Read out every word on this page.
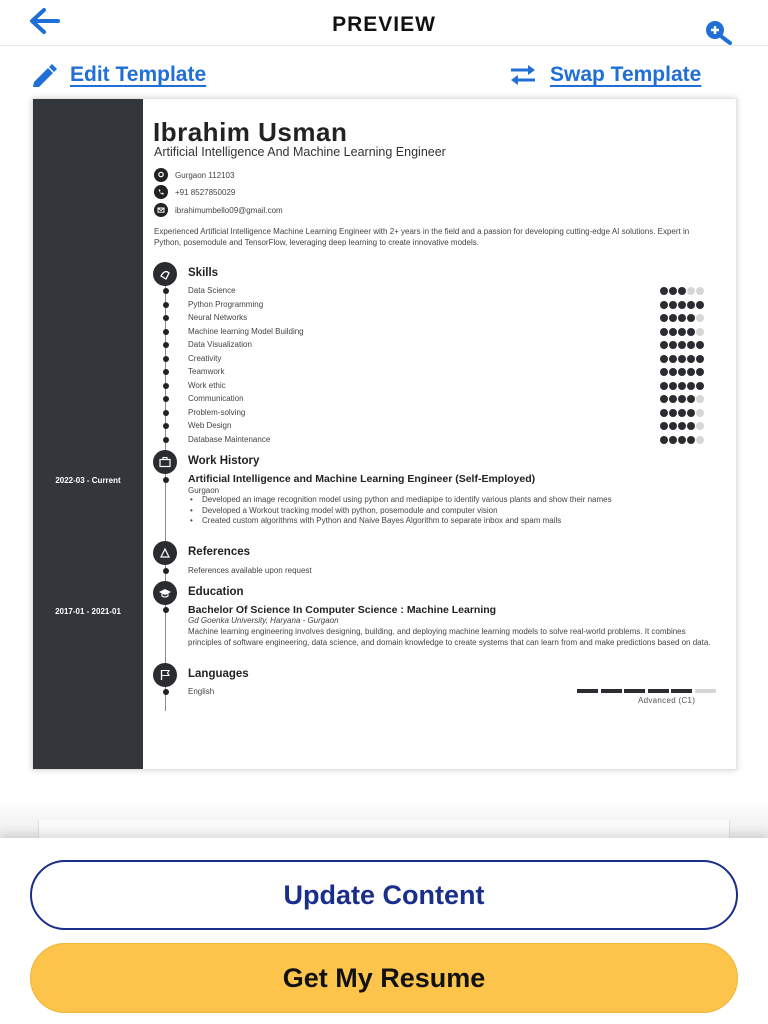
PREVIEW
Edit Template	Swap Template
2022-03 - Current
2017-01 - 2021-01
Ibrahim Usman
Artificial Intelligence And Machine Learning Engineer
Gurgaon 112103
+91 8527850029
ibrahimumbello09@gmail.com
Experienced Artificial Intelligence Machine Learning Engineer with 2+ years in the field and a passion for developing cutting-edge AI solutions. Expert in Python, posemodule and TensorFlow, leveraging deep learning to create innovative models.
Skills
Data Science
Python Programming
Neural Networks
Machine learning Model Building
Data Visualization
Creativity
Teamwork
Work ethic
Communication
Problem-solving
Web Design
Database Maintenance
Work History
Artificial Intelligence and Machine Learning Engineer (Self-Employed)
Gurgaon
• Developed an image recognition model using python and mediapipe to identify various plants and show their names
• Developed a Workout tracking model with python, posemodule and computer vision
• Created custom algorithms with Python and Naive Bayes Algorithm to separate inbox and spam mails
References
References available upon request
Education
Bachelor Of Science In Computer Science : Machine Learning
Gd Goenka University, Haryana - Gurgaon
Machine learning engineering involves designing, building, and deploying machine learning models to solve real-world problems. It combines principles of software engineering, data science, and domain knowledge to create systems that can learn from and make predictions based on data.
Languages
English
Advanced (C1)
Update Content
Get My Resume
